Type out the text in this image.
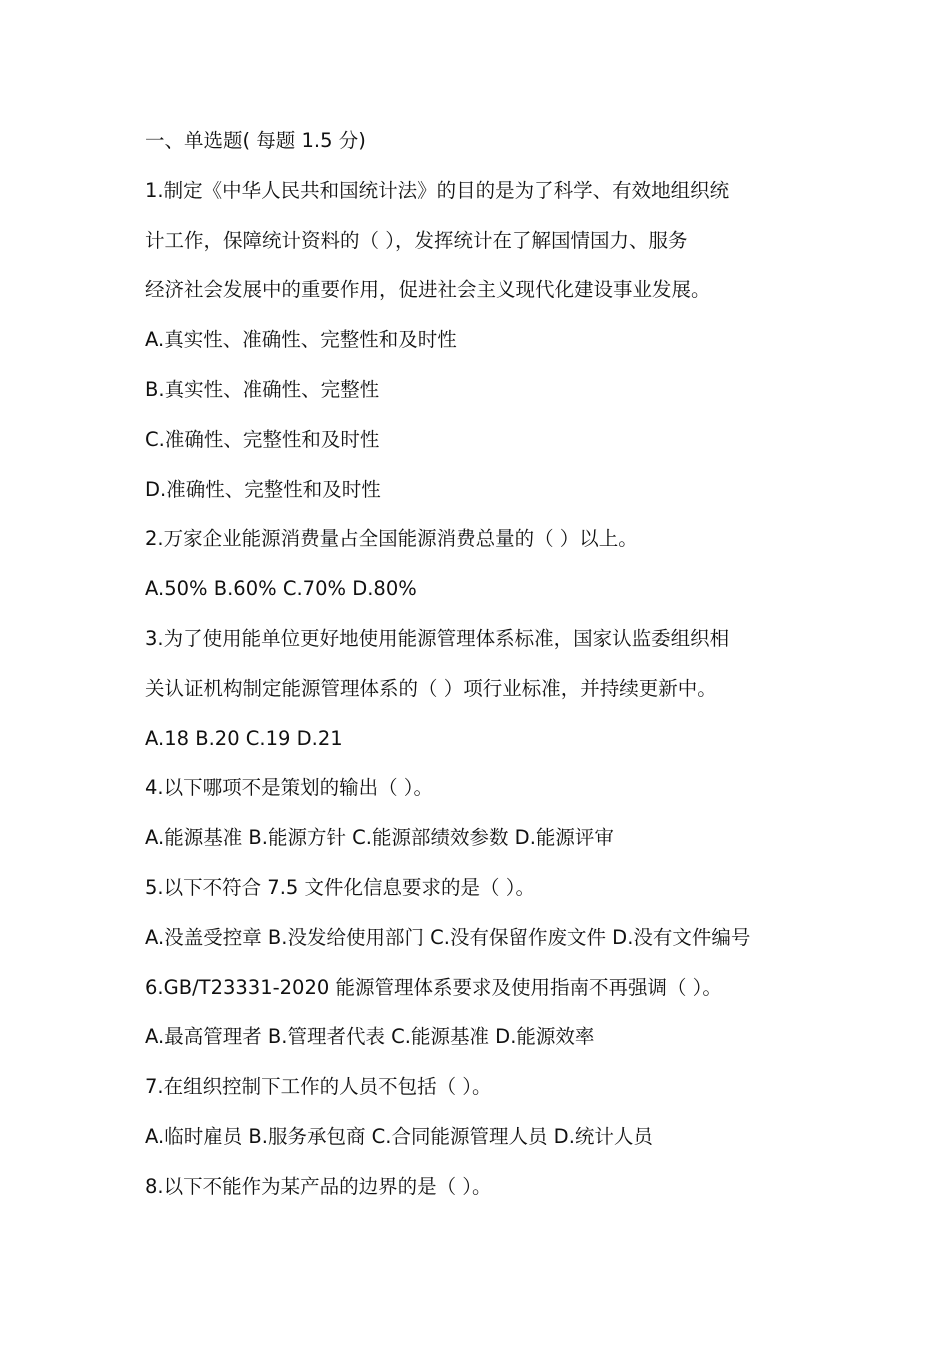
一、单选题( 每题 1.5 分)
1.制定《中华人民共和国统计法》的目的是为了科学、有效地组织统
计工作，保障统计资料的（ ），发挥统计在了解国情国力、服务
经济社会发展中的重要作用，促进社会主义现代化建设事业发展。
A.真实性、准确性、完整性和及时性
B.真实性、准确性、完整性
C.准确性、完整性和及时性
D.准确性、完整性和及时性
2.万家企业能源消费量占全国能源消费总量的（ ）以上。
A.50% B.60% C.70% D.80%
3.为了使用能单位更好地使用能源管理体系标准，国家认监委组织相
关认证机构制定能源管理体系的（ ）项行业标准，并持续更新中。
A.18 B.20 C.19 D.21
4.以下哪项不是策划的输出（ ）。
A.能源基准 B.能源方针 C.能源部绩效参数 D.能源评审
5.以下不符合 7.5 文件化信息要求的是（ ）。
A.没盖受控章 B.没发给使用部门 C.没有保留作废文件 D.没有文件编号
6.GB/T23331-2020 能源管理体系要求及使用指南不再强调（ ）。
A.最高管理者 B.管理者代表 C.能源基准 D.能源效率
7.在组织控制下工作的人员不包括（ ）。
A.临时雇员 B.服务承包商 C.合同能源管理人员 D.统计人员
8.以下不能作为某产品的边界的是（ ）。
